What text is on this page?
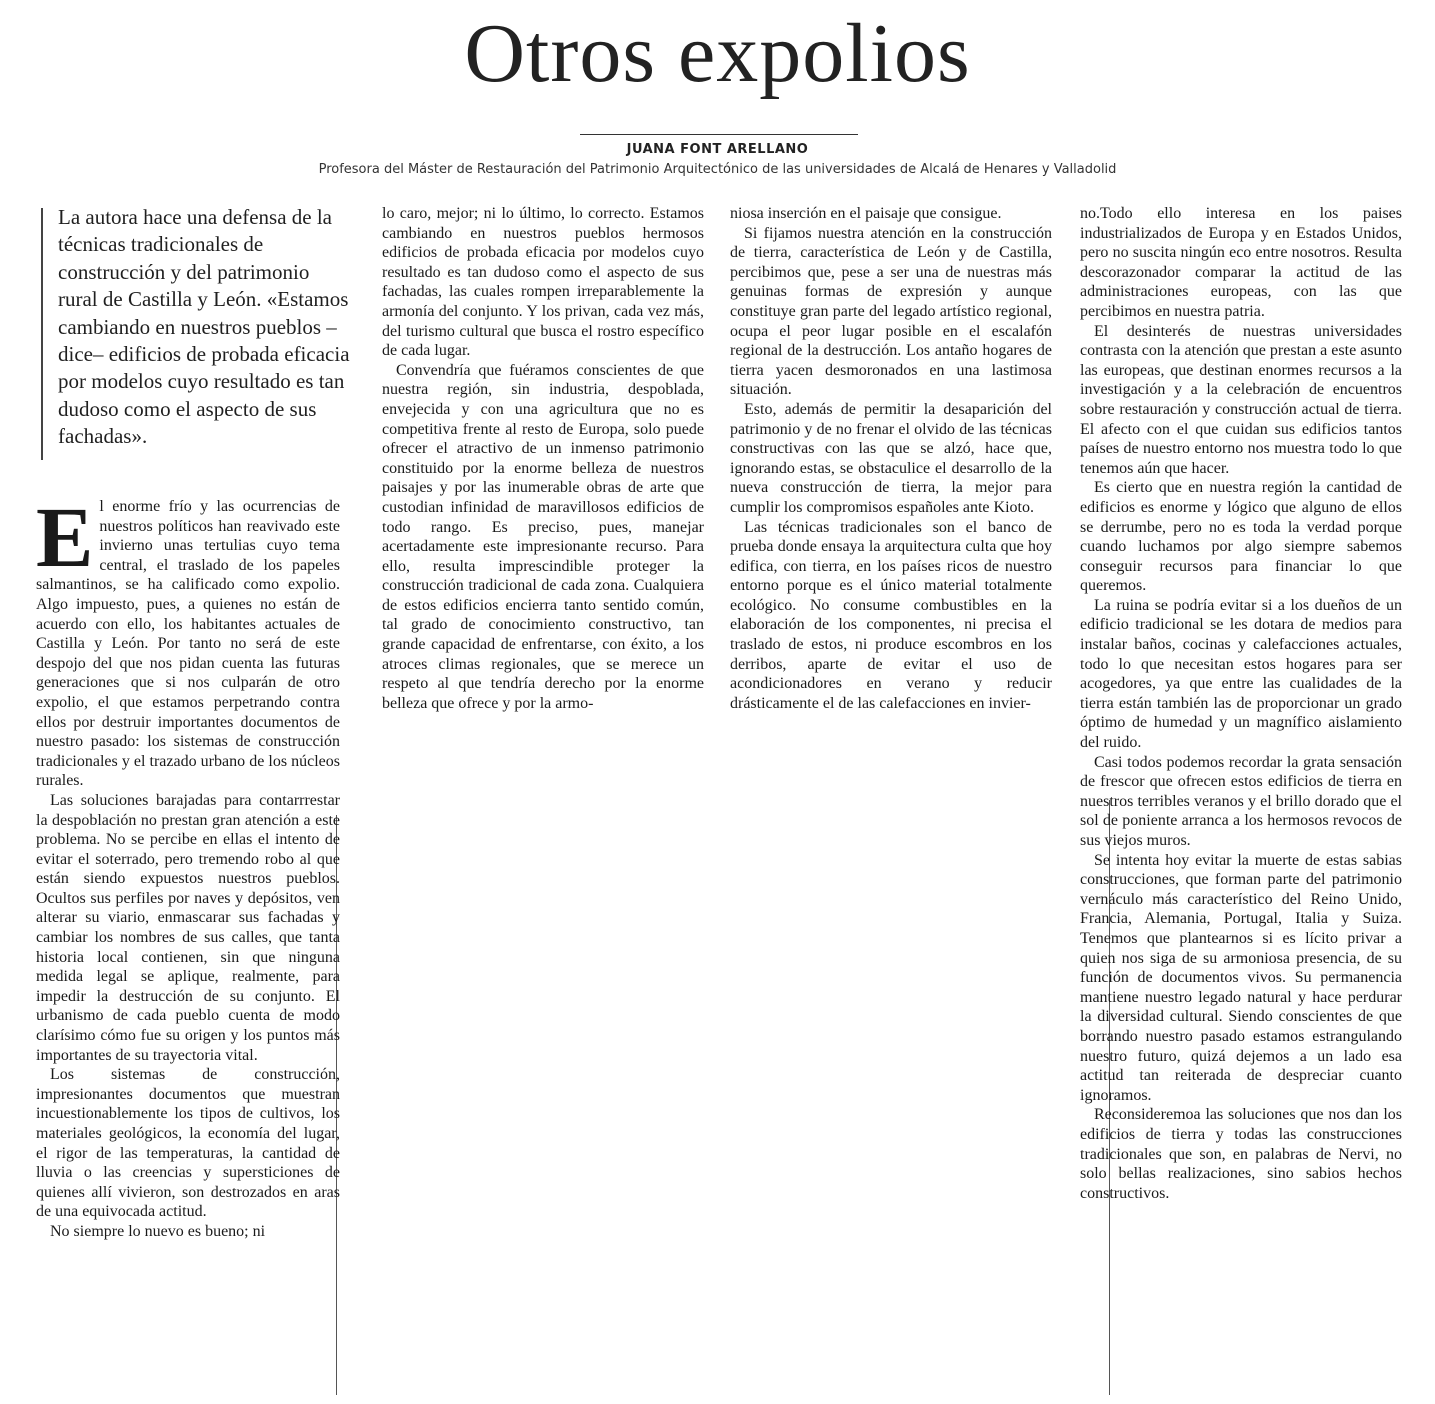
Otros expolios
JUANA FONT ARELLANO
Profesora del Máster de Restauración del Patrimonio Arquitectónico de las universidades de Alcalá de Henares y Valladolid
La autora hace una defensa de la técnicas tradicionales de construcción y del patrimonio rural de Castilla y León. «Estamos cambiando en nuestros pueblos –dice– edificios de probada eficacia por modelos cuyo resultado es tan dudoso como el aspecto de sus fachadas».

El enorme frío y las ocurrencias de nuestros políticos han reavivado este invierno unas tertulias cuyo tema central, el traslado de los papeles salmantinos, se ha calificado como expolio. Algo impuesto, pues, a quienes no están de acuerdo con ello, los habitantes actuales de Castilla y León. Por tanto no será de este despojo del que nos pidan cuenta las futuras generaciones que si nos culparán de otro expolio, el que estamos perpetrando contra ellos por destruir importantes documentos de nuestro pasado: los sistemas de construcción tradicionales y el trazado urbano de los núcleos rurales.

Las soluciones barajadas para contarrrestar la despoblación no prestan gran atención a este problema. No se percibe en ellas el intento de evitar el soterrado, pero tremendo robo al que están siendo expuestos nuestros pueblos. Ocultos sus perfiles por naves y depósitos, ven alterar su viario, enmascarar sus fachadas y cambiar los nombres de sus calles, que tanta historia local contienen, sin que ninguna medida legal se aplique, realmente, para impedir la destrucción de su conjunto. El urbanismo de cada pueblo cuenta de modo clarísimo cómo fue su origen y los puntos más importantes de su trayectoria vital.

Los sistemas de construcción, impresionantes documentos que muestran incuestionablemente los tipos de cultivos, los materiales geológicos, la economía del lugar, el rigor de las temperaturas, la cantidad de lluvia o las creencias y supersticiones de quienes allí vivieron, son destrozados en aras de una equivocada actitud.

No siempre lo nuevo es bueno; ni

lo caro, mejor; ni lo último, lo correcto. Estamos cambiando en nuestros pueblos hermosos edificios de probada eficacia por modelos cuyo resultado es tan dudoso como el aspecto de sus fachadas, las cuales rompen irreparablemente la armonía del conjunto. Y los privan, cada vez más, del turismo cultural que busca el rostro específico de cada lugar.

Convendría que fuéramos conscientes de que nuestra región, sin industria, despoblada, envejecida y con una agricultura que no es competitiva frente al resto de Europa, solo puede ofrecer el atractivo de un inmenso patrimonio constituido por la enorme belleza de nuestros paisajes y por las inumerable obras de arte que custodian infinidad de maravillosos edificios de todo rango. Es preciso, pues, manejar acertadamente este impresionante recurso. Para ello, resulta imprescindible proteger la construcción tradicional de cada zona. Cualquiera de estos edificios encierra tanto sentido común, tal grado de conocimiento constructivo, tan grande capacidad de enfrentarse, con éxito, a los atroces climas regionales, que se merece un respeto al que tendría derecho por la enorme belleza que ofrece y por la armo-

niosa inserción en el paisaje que consigue.

Si fijamos nuestra atención en la construcción de tierra, característica de León y de Castilla, percibimos que, pese a ser una de nuestras más genuinas formas de expresión y aunque constituye gran parte del legado artístico regional, ocupa el peor lugar posible en el escalafón regional de la destrucción. Los antaño hogares de tierra yacen desmoronados en una lastimosa situación.

Esto, además de permitir la desaparición del patrimonio y de no frenar el olvido de las técnicas constructivas con las que se alzó, hace que, ignorando estas, se obstaculice el desarrollo de la nueva construcción de tierra, la mejor para cumplir los compromisos españoles ante Kioto.

Las técnicas tradicionales son el banco de prueba donde ensaya la arquitectura culta que hoy edifica, con tierra, en los países ricos de nuestro entorno porque es el único material totalmente ecológico. No consume combustibles en la elaboración de los componentes, ni precisa el traslado de estos, ni produce escombros en los derribos, aparte de evitar el uso de acondicionadores en verano y reducir drásticamente el de las calefacciones en invier-

no.Todo ello interesa en los paises industrializados de Europa y en Estados Unidos, pero no suscita ningún eco entre nosotros. Resulta descorazonador comparar la actitud de las administraciones europeas, con las que percibimos en nuestra patria.

El desinterés de nuestras universidades contrasta con la atención que prestan a este asunto las europeas, que destinan enormes recursos a la investigación y a la celebración de encuentros sobre restauración y construcción actual de tierra. El afecto con el que cuidan sus edificios tantos países de nuestro entorno nos muestra todo lo que tenemos aún que hacer.

Es cierto que en nuestra región la cantidad de edificios es enorme y lógico que alguno de ellos se derrumbe, pero no es toda la verdad porque cuando luchamos por algo siempre sabemos conseguir recursos para financiar lo que queremos.

La ruina se podría evitar si a los dueños de un edificio tradicional se les dotara de medios para instalar baños, cocinas y calefacciones actuales, todo lo que necesitan estos hogares para ser acogedores, ya que entre las cualidades de la tierra están también las de proporcionar un grado óptimo de humedad y un magnífico aislamiento del ruido.

Casi todos podemos recordar la grata sensación de frescor que ofrecen estos edificios de tierra en nuestros terribles veranos y el brillo dorado que el sol de poniente arranca a los hermosos revocos de sus viejos muros.

Se intenta hoy evitar la muerte de estas sabias construcciones, que forman parte del patrimonio vernáculo más característico del Reino Unido, Francia, Alemania, Portugal, Italia y Suiza. Tenemos que plantearnos si es lícito privar a quien nos siga de su armoniosa presencia, de su función de documentos vivos. Su permanencia mantiene nuestro legado natural y hace perdurar la diversidad cultural. Siendo conscientes de que borrando nuestro pasado estamos estrangulando nuestro futuro, quizá dejemos a un lado esa actitud tan reiterada de despreciar cuanto ignoramos.

Reconsideremoa las soluciones que nos dan los edificios de tierra y todas las construcciones tradicionales que son, en palabras de Nervi, no solo bellas realizaciones, sino sabios hechos constructivos.
